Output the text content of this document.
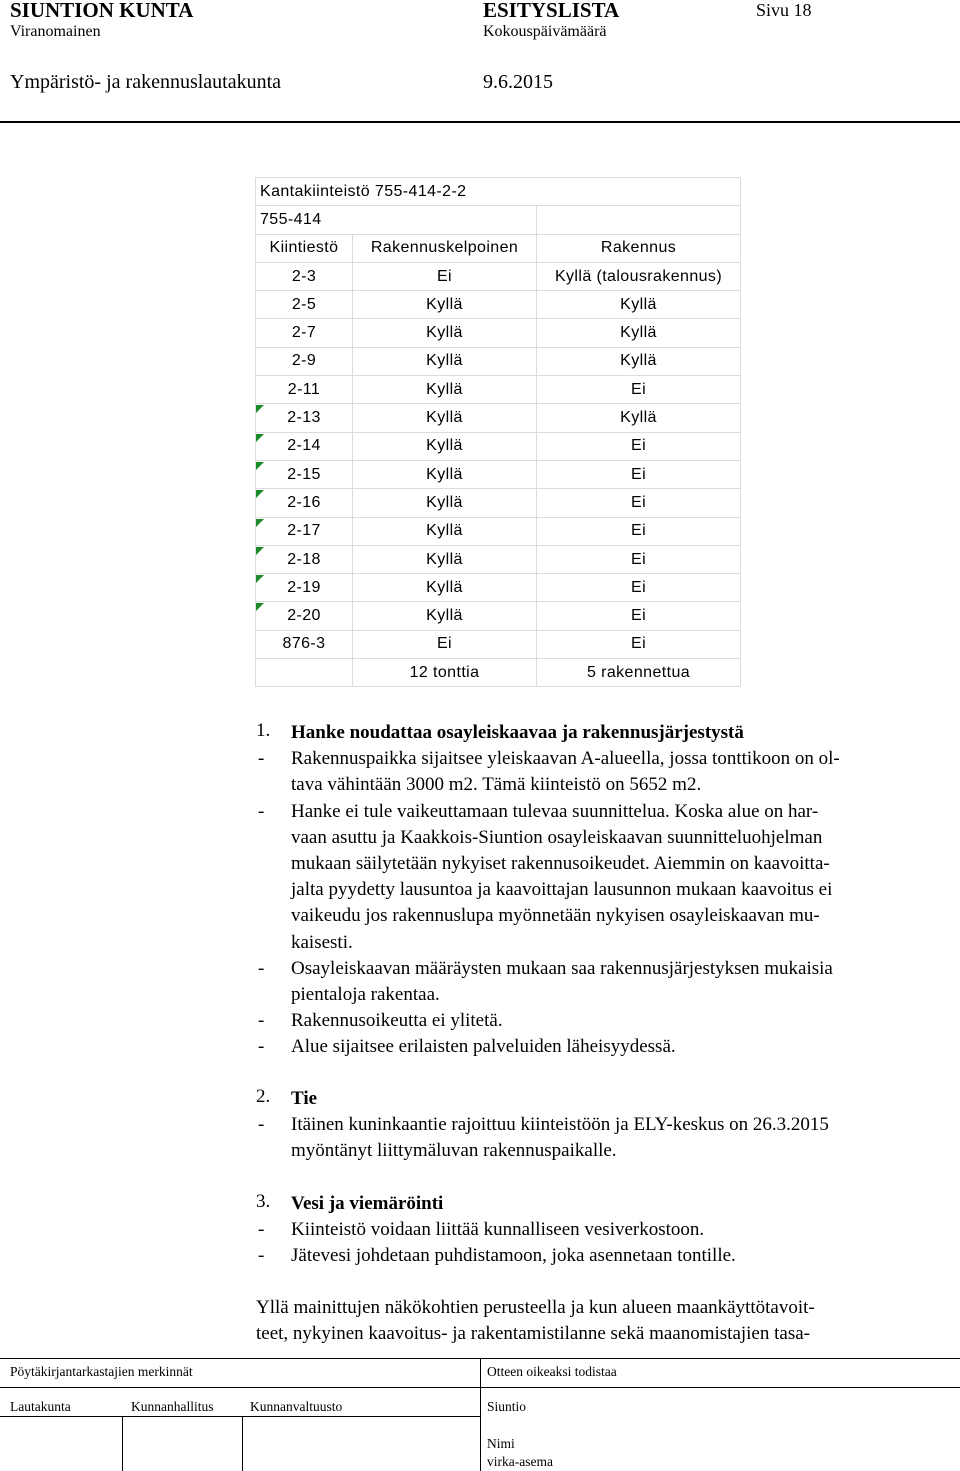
SIUNTION KUNTA	ESITYSLISTA	Sivu 18
Viranomainen	Kokouspäivämäärä
Ympäristö- ja rakennuslautakunta	9.6.2015
Kantakiinteistö 755-414-2-2		
755-414		
Kiintiestö	Rakennuskelpoinen	Rakennus
2-3	Ei	Kyllä (talousrakennus)
2-5	Kyllä	Kyllä
2-7	Kyllä	Kyllä
2-9	Kyllä	Kyllä
2-11	Kyllä	Ei

2-13	Kyllä	Kyllä

2-14	Kyllä	Ei

2-15	Kyllä	Ei

2-16	Kyllä	Ei

2-17	Kyllä	Ei

2-18	Kyllä	Ei

2-19	Kyllä	Ei

2-20	Kyllä	Ei
876-3	Ei	Ei
	12 tonttia	5 rakennettua
1. Hanke noudattaa osayleiskaavaa ja rakennusjärjestystä
- Rakennuspaikka sijaitsee yleiskaavan A-alueella, jossa tonttikoon on ol-
tava vähintään 3000 m2. Tämä kiinteistö on 5652 m2.
- Hanke ei tule vaikeuttamaan tulevaa suunnittelua. Koska alue on har-
vaan asuttu ja Kaakkois-Siuntion osayleiskaavan suunnitteluohjelman
mukaan säilytetään nykyiset rakennusoikeudet. Aiemmin on kaavoitta-
jalta pyydetty lausuntoa ja kaavoittajan lausunnon mukaan kaavoitus ei
vaikeudu jos rakennuslupa myönnetään nykyisen osayleiskaavan mu-
kaisesti.
- Osayleiskaavan määräysten mukaan saa rakennusjärjestyksen mukaisia
pientaloja rakentaa.
- Rakennusoikeutta ei ylitetä.
- Alue sijaitsee erilaisten palveluiden läheisyydessä.
2. Tie
- Itäinen kuninkaantie rajoittuu kiinteistöön ja ELY-keskus on 26.3.2015
myöntänyt liittymäluvan rakennuspaikalle.
3. Vesi ja viemäröinti
- Kiinteistö voidaan liittää kunnalliseen vesiverkostoon.
- Jätevesi johdetaan puhdistamoon, joka asennetaan tontille.
Yllä mainittujen näkökohtien perusteella ja kun alueen maankäyttötavoit-
teet, nykyinen kaavoitus- ja rakentamistilanne sekä maanomistajien tasa-
Pöytäkirjantarkastajien merkinnät	Otteen oikeaksi todistaa
Lautakunta	Kunnanhallitus	Kunnanvaltuusto	Siuntio
Nimi
virka-asema
